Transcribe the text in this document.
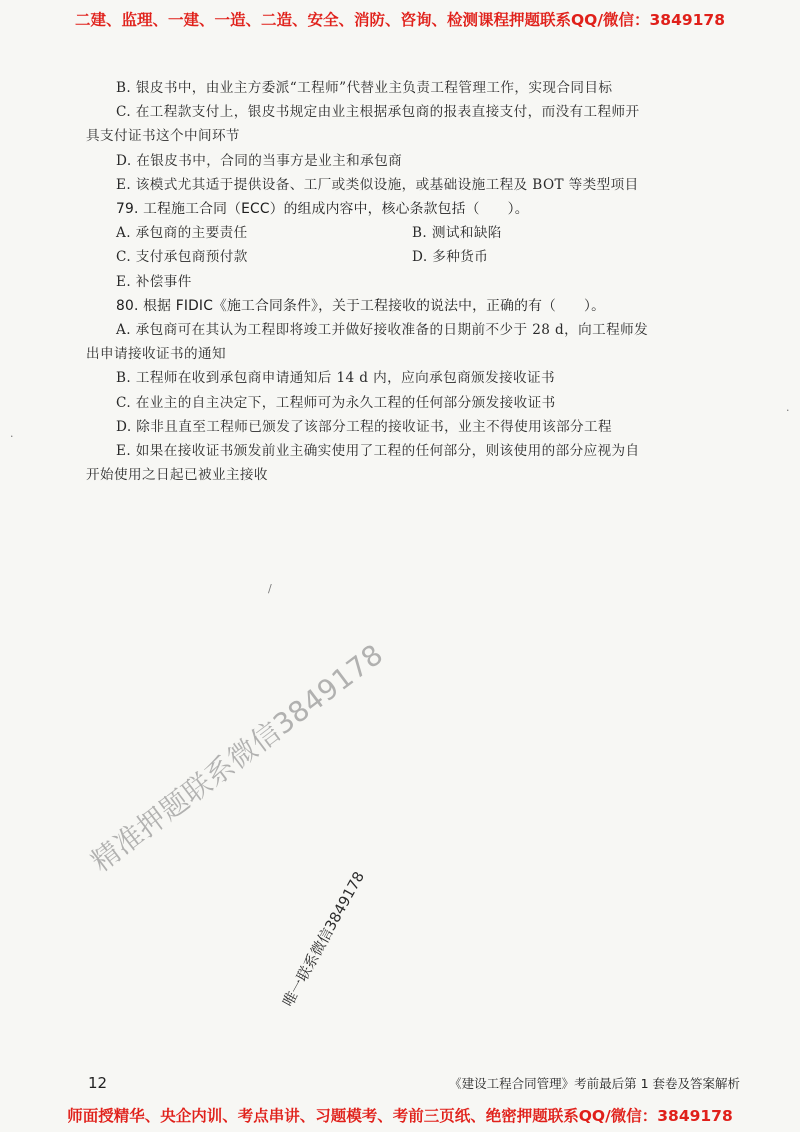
二建、监理、一建、一造、二造、安全、消防、咨询、检测课程押题联系QQ/微信：3849178
B. 银皮书中，由业主方委派“工程师”代替业主负责工程管理工作，实现合同目标
C. 在工程款支付上，银皮书规定由业主根据承包商的报表直接支付，而没有工程师开
具支付证书这个中间环节
D. 在银皮书中，合同的当事方是业主和承包商
E. 该模式尤其适于提供设备、工厂或类似设施，或基础设施工程及 BOT 等类型项目
79. 工程施工合同（ECC）的组成内容中，核心条款包括（　　）。
A. 承包商的主要责任	B. 测试和缺陷
C. 支付承包商预付款	D. 多种货币
E. 补偿事件
80. 根据 FIDIC《施工合同条件》，关于工程接收的说法中，正确的有（　　）。
A. 承包商可在其认为工程即将竣工并做好接收准备的日期前不少于 28 d，向工程师发
出申请接收证书的通知
B. 工程师在收到承包商申请通知后 14 d 内，应向承包商颁发接收证书
C. 在业主的自主决定下，工程师可为永久工程的任何部分颁发接收证书
D. 除非且直至工程师已颁发了该部分工程的接收证书，业主不得使用该部分工程
E. 如果在接收证书颁发前业主确实使用了工程的任何部分，则该使用的部分应视为自
开始使用之日起已被业主接收
/
·
·
精准押题联系微信3849178
唯一联系微信3849178
12	《建设工程合同管理》考前最后第 1 套卷及答案解析
师面授精华、央企内训、考点串讲、习题模考、考前三页纸、绝密押题联系QQ/微信：3849178
